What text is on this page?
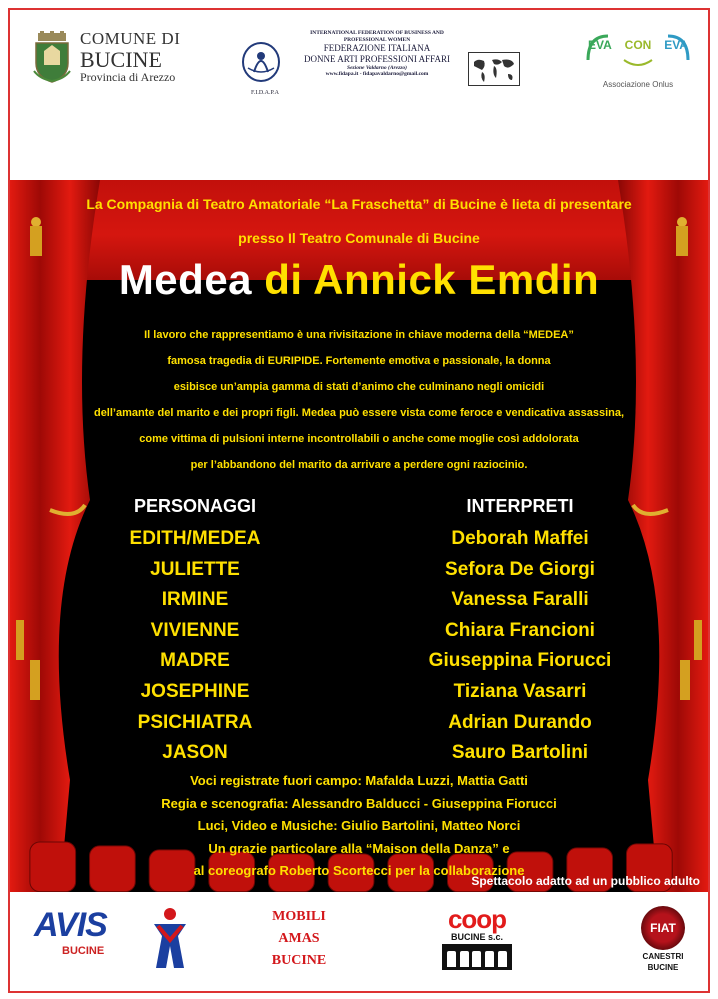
COMUNE DI
BUCINE
Provincia di Arezzo
F.I.D.A.P.A
INTERNATIONAL FEDERATION OF BUSINESS AND PROFESSIONAL WOMEN
FEDERAZIONE ITALIANA
DONNE ARTI PROFESSIONI AFFARI
Sezione Valdarno (Arezzo)
www.fidapa.it - fidapavaldarno@gmail.com
EVA CON EVA
Associazione Onlus
La Compagnia di Teatro Amatoriale “La Fraschetta” di Bucine è lieta di presentare
presso Il Teatro Comunale di Bucine
Medea di Annick Emdin
Il lavoro che rappresentiamo è una rivisitazione in chiave moderna della “MEDEA”
famosa tragedia di EURIPIDE. Fortemente emotiva e passionale, la donna
esibisce un’ampia gamma di stati d’animo che culminano negli omicidi
dell’amante del marito e dei propri figli. Medea può essere vista come feroce e vendicativa assassina,
come vittima di pulsioni interne incontrollabili o anche come moglie così addolorata
per l’abbandono del marito da arrivare a perdere ogni raziocinio.
PERSONAGGI
EDITH/MEDEA
JULIETTE
IRMINE
VIVIENNE
MADRE
JOSEPHINE
PSICHIATRA
JASON
INTERPRETI
Deborah Maffei
Sefora De Giorgi
Vanessa Faralli
Chiara Francioni
Giuseppina Fiorucci
Tiziana Vasarri
Adrian Durando
Sauro Bartolini
Voci registrate fuori campo: Mafalda Luzzi, Mattia Gatti
Regia e scenografia: Alessandro Balducci - Giuseppina Fiorucci
Luci, Video e Musiche: Giulio Bartolini, Matteo Norci
Un grazie particolare alla “Maison della Danza” e
al coreografo Roberto Scortecci per la collaborazione
Spettacolo adatto ad un pubblico adulto
AVIS
BUCINE
MOBILI
AMAS
BUCINE
coop
BUCINE s.c.
FIAT
CANESTRI
BUCINE
